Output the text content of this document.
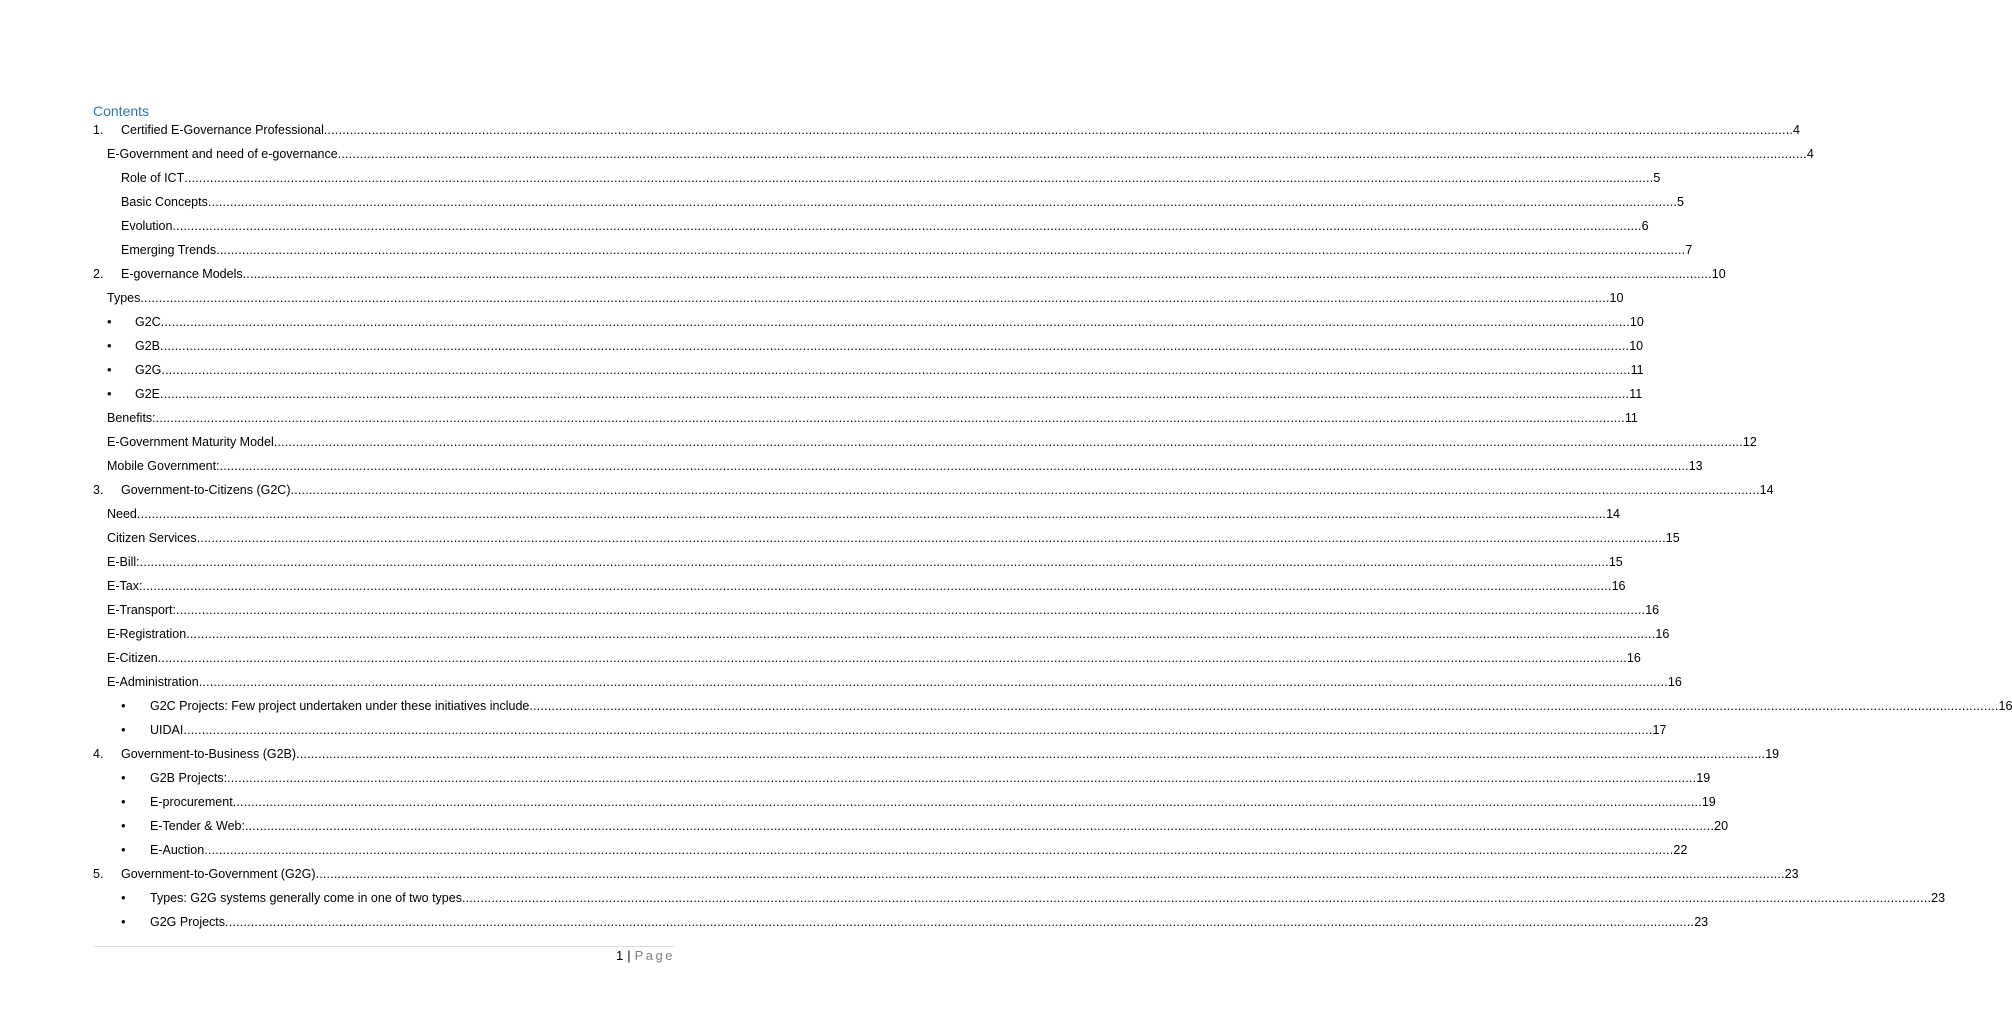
Contents
1. Certified E-Governance Professional ................................................................................................................................................................................................................................................................................................................................................................................................................ 4
E-Government and need of e-governance ................................................................................................................................................................................................................................................................................................................................................................................................................ 4
Role of ICT ................................................................................................................................................................................................................................................................................................................................................................................................................ 5
Basic Concepts ................................................................................................................................................................................................................................................................................................................................................................................................................ 5
Evolution ................................................................................................................................................................................................................................................................................................................................................................................................................ 6
Emerging Trends ................................................................................................................................................................................................................................................................................................................................................................................................................ 7
2. E-governance Models ................................................................................................................................................................................................................................................................................................................................................................................................................ 10
Types ................................................................................................................................................................................................................................................................................................................................................................................................................ 10
• G2C ................................................................................................................................................................................................................................................................................................................................................................................................................ 10
• G2B ................................................................................................................................................................................................................................................................................................................................................................................................................ 10
• G2G ................................................................................................................................................................................................................................................................................................................................................................................................................ 11
• G2E ................................................................................................................................................................................................................................................................................................................................................................................................................ 11
Benefits: ................................................................................................................................................................................................................................................................................................................................................................................................................ 11
E-Government Maturity Model ................................................................................................................................................................................................................................................................................................................................................................................................................ 12
Mobile Government: ................................................................................................................................................................................................................................................................................................................................................................................................................ 13
3. Government-to-Citizens (G2C) ................................................................................................................................................................................................................................................................................................................................................................................................................ 14
Need ................................................................................................................................................................................................................................................................................................................................................................................................................ 14
Citizen Services ................................................................................................................................................................................................................................................................................................................................................................................................................ 15
E-Bill: ................................................................................................................................................................................................................................................................................................................................................................................................................ 15
E-Tax: ................................................................................................................................................................................................................................................................................................................................................................................................................ 16
E-Transport: ................................................................................................................................................................................................................................................................................................................................................................................................................ 16
E-Registration ................................................................................................................................................................................................................................................................................................................................................................................................................ 16
E-Citizen ................................................................................................................................................................................................................................................................................................................................................................................................................ 16
E-Administration ................................................................................................................................................................................................................................................................................................................................................................................................................ 16
• G2C Projects: Few project undertaken under these initiatives include ................................................................................................................................................................................................................................................................................................................................................................................................................ 16
• UIDAI ................................................................................................................................................................................................................................................................................................................................................................................................................ 17
4. Government-to-Business (G2B) ................................................................................................................................................................................................................................................................................................................................................................................................................ 19
• G2B Projects: ................................................................................................................................................................................................................................................................................................................................................................................................................ 19
• E-procurement ................................................................................................................................................................................................................................................................................................................................................................................................................ 19
• E-Tender & Web: ................................................................................................................................................................................................................................................................................................................................................................................................................ 20
• E-Auction ................................................................................................................................................................................................................................................................................................................................................................................................................ 22
5. Government-to-Government (G2G) ................................................................................................................................................................................................................................................................................................................................................................................................................ 23
• Types: G2G systems generally come in one of two types ................................................................................................................................................................................................................................................................................................................................................................................................................ 23
• G2G Projects ................................................................................................................................................................................................................................................................................................................................................................................................................ 23
1 | Page
